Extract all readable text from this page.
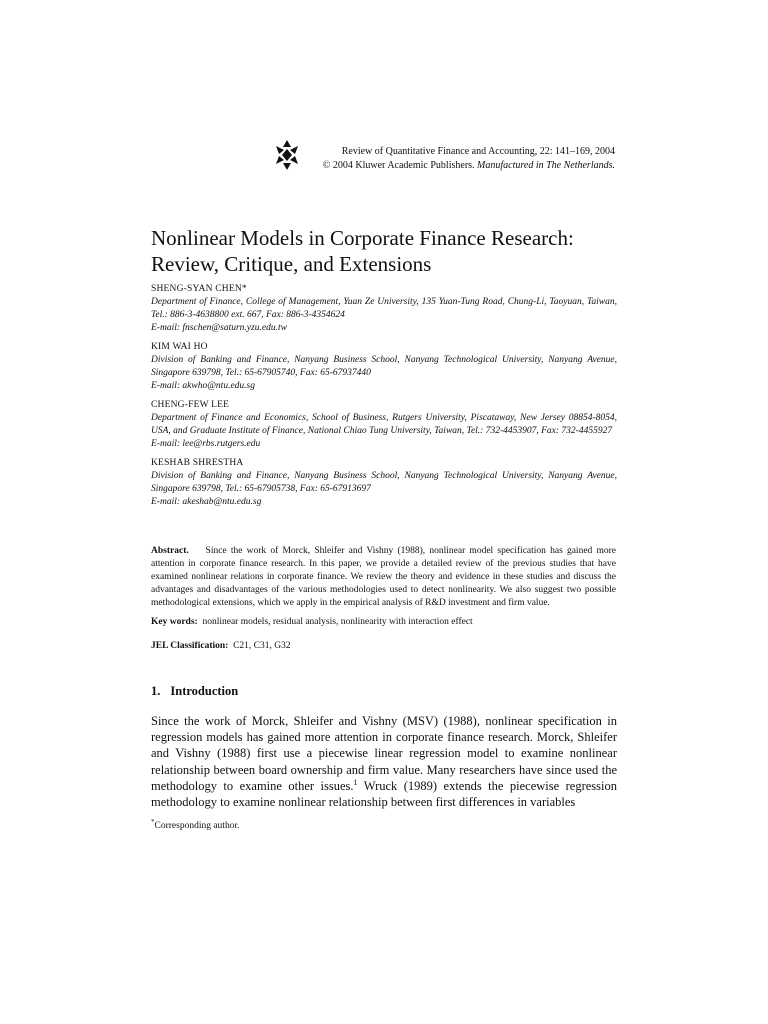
Review of Quantitative Finance and Accounting, 22: 141–169, 2004
© 2004 Kluwer Academic Publishers. Manufactured in The Netherlands.
Nonlinear Models in Corporate Finance Research:
Review, Critique, and Extensions
SHENG-SYAN CHEN*
Department of Finance, College of Management, Yuan Ze University, 135 Yuan-Tung Road, Chung-Li, Taoyuan, Taiwan, Tel.: 886-3-4638800 ext. 667, Fax: 886-3-4354624
E-mail: fnschen@saturn.yzu.edu.tw
KIM WAI HO
Division of Banking and Finance, Nanyang Business School, Nanyang Technological University, Nanyang Avenue, Singapore 639798, Tel.: 65-67905740, Fax: 65-67937440
E-mail: akwho@ntu.edu.sg
CHENG-FEW LEE
Department of Finance and Economics, School of Business, Rutgers University, Piscataway, New Jersey 08854-8054, USA, and Graduate Institute of Finance, National Chiao Tung University, Taiwan, Tel.: 732-4453907, Fax: 732-4455927
E-mail: lee@rbs.rutgers.edu
KESHAB SHRESTHA
Division of Banking and Finance, Nanyang Business School, Nanyang Technological University, Nanyang Avenue, Singapore 639798, Tel.: 65-67905738, Fax: 65-67913697
E-mail: akeshab@ntu.edu.sg
Abstract. Since the work of Morck, Shleifer and Vishny (1988), nonlinear model specification has gained more attention in corporate finance research. In this paper, we provide a detailed review of the previous studies that have examined nonlinear relations in corporate finance. We review the theory and evidence in these studies and discuss the advantages and disadvantages of the various methodologies used to detect nonlinearity. We also suggest two possible methodological extensions, which we apply in the empirical analysis of R&D investment and firm value.
Key words: nonlinear models, residual analysis, nonlinearity with interaction effect
JEL Classification: C21, C31, G32
1. Introduction

Since the work of Morck, Shleifer and Vishny (MSV) (1988), nonlinear specification in regression models has gained more attention in corporate finance research. Morck, Shleifer and Vishny (1988) first use a piecewise linear regression model to examine nonlinear relationship between board ownership and firm value. Many researchers have since used the methodology to examine other issues.$^1$ Wruck (1989) extends the piecewise regression methodology to examine nonlinear relationship between first differences in variables

*Corresponding author.
